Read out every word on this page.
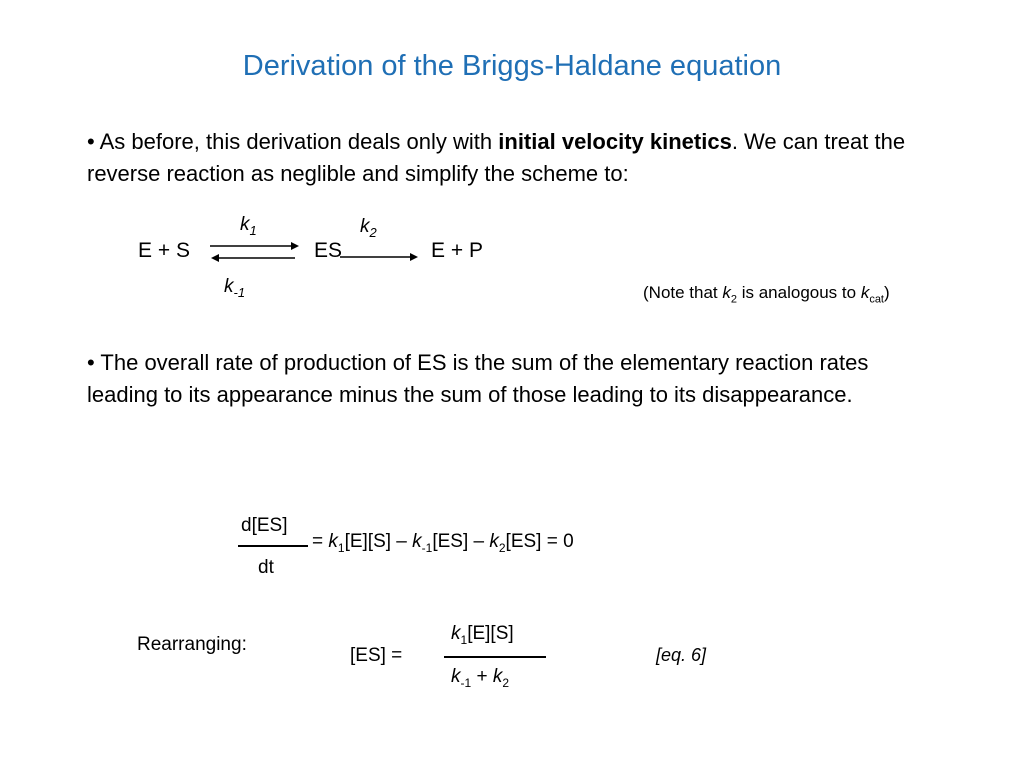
Derivation of the Briggs-Haldane equation
• As before, this derivation deals only with initial velocity kinetics. We can treat the reverse reaction as neglible and simplify the scheme to:
E + S	ES	E + P
$k_1$	$k_2$
$k_{-1}$	(Note that $k_2$ is analogous to $k_{cat}$)
• The overall rate of production of ES is the sum of the elementary reaction rates leading to its appearance minus the sum of those leading to its disappearance.
d[ES]
dt
= $k_1[E][S] - k_{-1}[ES] - k_2[ES] = 0$
Rearranging:
[ES] =
$k_1[E][S]$
$k_{-1} + k_2$
[eq. 6]
